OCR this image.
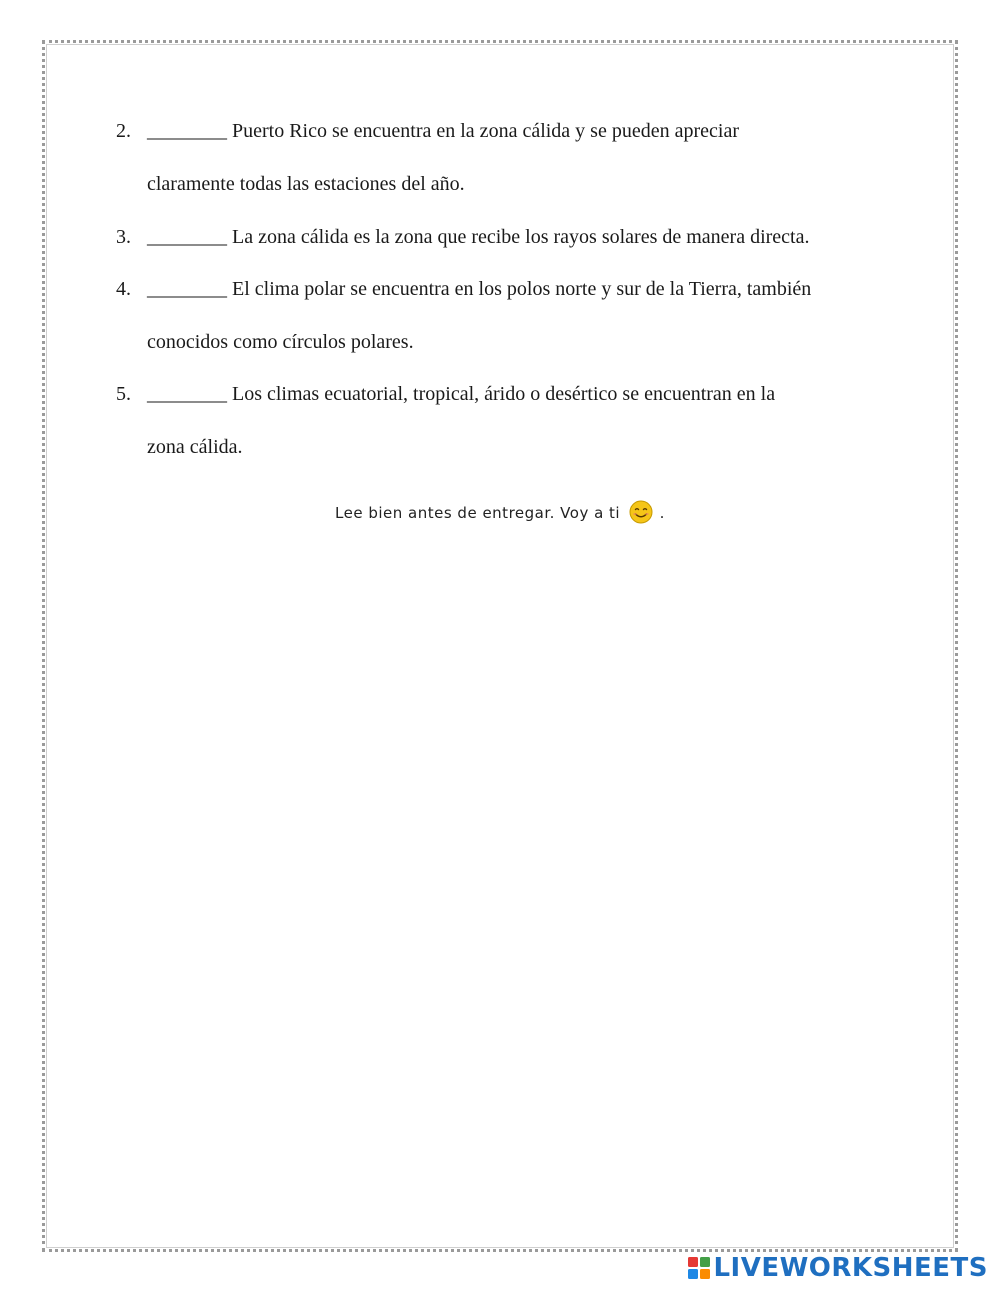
2. ________ Puerto Rico se encuentra en la zona cálida y se pueden apreciar
claramente todas las estaciones del año.
3. ________ La zona cálida es la zona que recibe los rayos solares de manera directa.
4. ________ El clima polar se encuentra en los polos norte y sur de la Tierra, también
conocidos como círculos polares.
5. ________ Los climas ecuatorial, tropical, árido o desértico se encuentran en la
zona cálida.
Lee bien antes de entregar. Voy a ti	.
LIVEWORKSHEETS
